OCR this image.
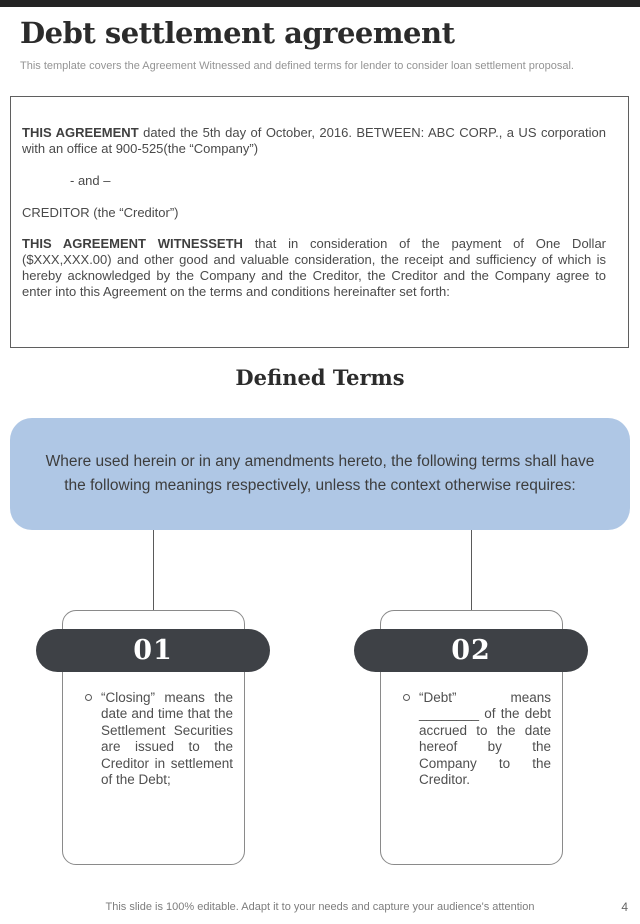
Debt settlement agreement
This template covers the Agreement Witnessed and defined terms for lender to consider loan settlement proposal.

THIS AGREEMENT dated the 5th day of October, 2016. BETWEEN: ABC CORP., a US corporation with an office at 900-525(the “Company”)

- and –

CREDITOR (the “Creditor”)

THIS AGREEMENT WITNESSETH that in consideration of the payment of One Dollar ($XXX,XXX.00) and other good and valuable consideration, the receipt and sufficiency of which is hereby acknowledged by the Company and the Creditor, the Creditor and the Company agree to enter into this Agreement on the terms and conditions hereinafter set forth:

Defined Terms
Where used herein or in any amendments hereto, the following terms shall have the following meanings respectively, unless the context otherwise requires:
01	02
“Closing” means the date and time that the Settlement Securities are issued to the Creditor in settlement of the Debt;
“Debt” means ________ of the debt accrued to the date hereof by the Company to the Creditor.
This slide is 100% editable. Adapt it to your needs and capture your audience's attention	4
